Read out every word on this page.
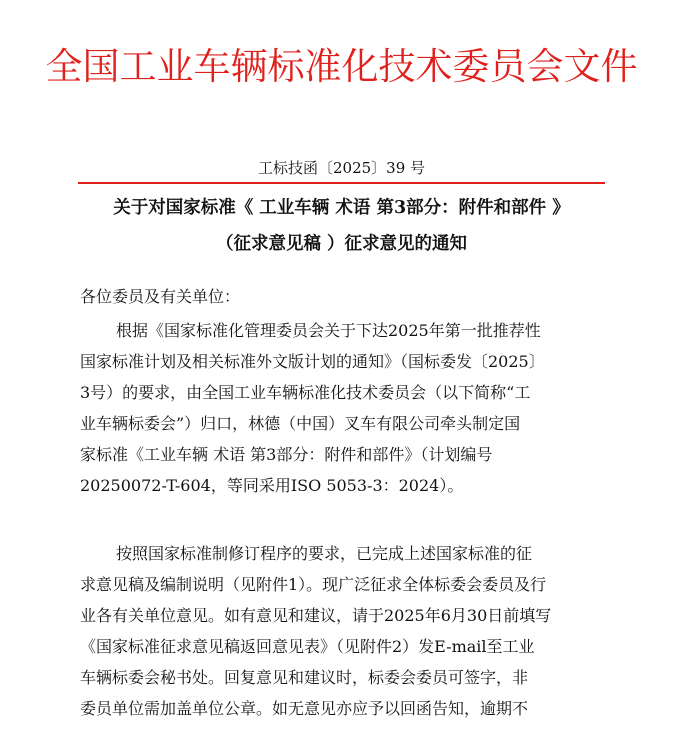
全国工业车辆标准化技术委员会文件
工标技函〔2025〕39 号
关于对国家标准《 工业车辆 术语 第3部分：附件和部件 》
（征求意见稿 ）征求意见的通知
各位委员及有关单位：
根据《国家标准化管理委员会关于下达2025年第一批推荐性
国家标准计划及相关标准外文版计划的通知》（国标委发〔2025〕
3号）的要求，由全国工业车辆标准化技术委员会（以下简称“工
业车辆标委会”）归口，林德（中国）叉车有限公司牵头制定国
家标准《工业车辆 术语 第3部分：附件和部件》（计划编号
20250072-T-604，等同采用ISO 5053-3：2024）。
按照国家标准制修订程序的要求，已完成上述国家标准的征
求意见稿及编制说明（见附件1）。现广泛征求全体标委会委员及行
业各有关单位意见。如有意见和建议，请于2025年6月30日前填写
《国家标准征求意见稿返回意见表》（见附件2）发E-mail至工业
车辆标委会秘书处。回复意见和建议时，标委会委员可签字，非
委员单位需加盖单位公章。如无意见亦应予以回函告知，逾期不
